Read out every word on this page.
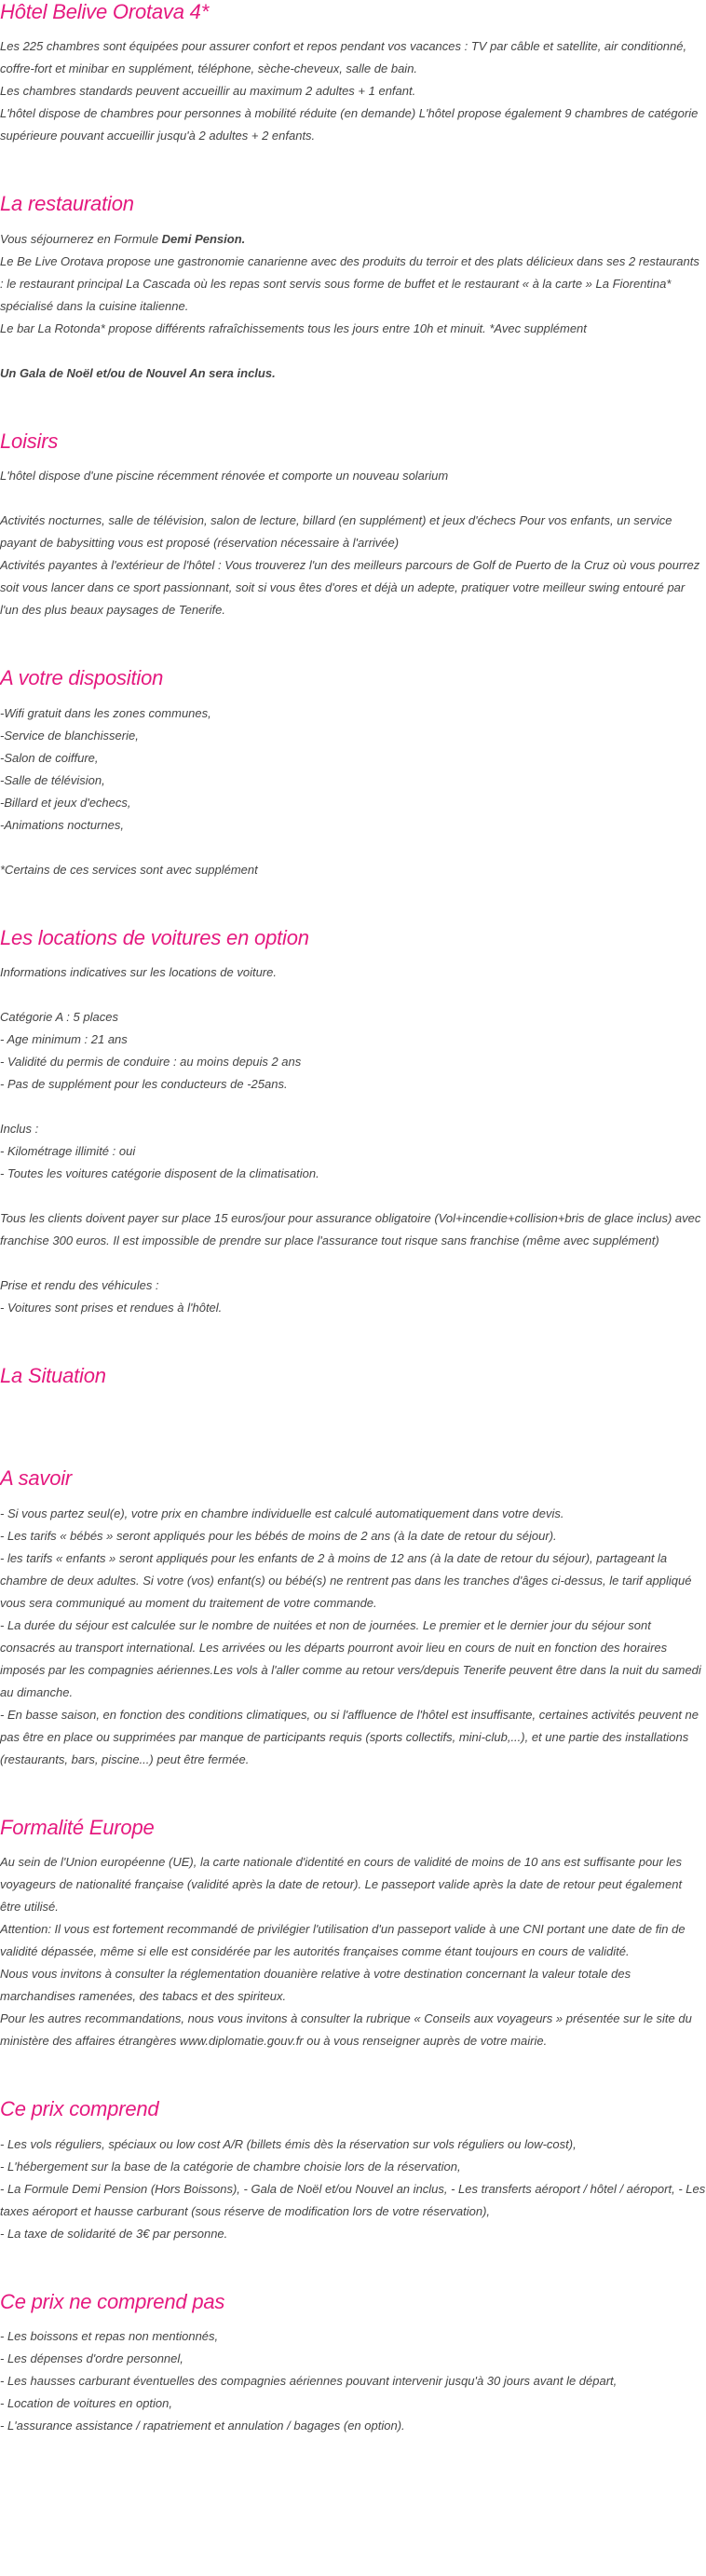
Hôtel Belive Orotava 4*

Les 225 chambres sont équipées pour assurer confort et repos pendant vos vacances : TV par câble et satellite, air conditionné, coffre-fort et minibar en supplément, téléphone, sèche-cheveux, salle de bain.

Les chambres standards peuvent accueillir au maximum 2 adultes + 1 enfant.

L'hôtel dispose de chambres pour personnes à mobilité réduite (en demande) L'hôtel propose également 9 chambres de catégorie supérieure pouvant accueillir jusqu'à 2 adultes + 2 enfants.

La restauration

Vous séjournerez en Formule Demi Pension.

Le Be Live Orotava propose une gastronomie canarienne avec des produits du terroir et des plats délicieux dans ses 2 restaurants : le restaurant principal La Cascada où les repas sont servis sous forme de buffet et le restaurant « à la carte » La Fiorentina* spécialisé dans la cuisine italienne.

Le bar La Rotonda* propose différents rafraîchissements tous les jours entre 10h et minuit. *Avec supplément

Un Gala de Noël et/ou de Nouvel An sera inclus.

Loisirs

L'hôtel dispose d'une piscine récemment rénovée et comporte un nouveau solarium

Activités nocturnes, salle de télévision, salon de lecture, billard (en supplément) et jeux d'échecs Pour vos enfants, un service payant de babysitting vous est proposé (réservation nécessaire à l'arrivée)

Activités payantes à l'extérieur de l'hôtel : Vous trouverez l'un des meilleurs parcours de Golf de Puerto de la Cruz où vous pourrez soit vous lancer dans ce sport passionnant, soit si vous êtes d'ores et déjà un adepte, pratiquer votre meilleur swing entouré par l'un des plus beaux paysages de Tenerife.

A votre disposition

-Wifi gratuit dans les zones communes,

-Service de blanchisserie,

-Salon de coiffure,

-Salle de télévision,

-Billard et jeux d'echecs,

-Animations nocturnes,

*Certains de ces services sont avec supplément

Les locations de voitures en option

Informations indicatives sur les locations de voiture.

Catégorie A : 5 places

- Age minimum : 21 ans

- Validité du permis de conduire : au moins depuis 2 ans

- Pas de supplément pour les conducteurs de -25ans.

Inclus :

- Kilométrage illimité : oui

- Toutes les voitures catégorie disposent de la climatisation.

Tous les clients doivent payer sur place 15 euros/jour pour assurance obligatoire (Vol+incendie+collision+bris de glace inclus) avec franchise 300 euros. Il est impossible de prendre sur place l'assurance tout risque sans franchise (même avec supplément)

Prise et rendu des véhicules :

- Voitures sont prises et rendues à l'hôtel.

La Situation
A savoir

- Si vous partez seul(e), votre prix en chambre individuelle est calculé automatiquement dans votre devis.

- Les tarifs « bébés » seront appliqués pour les bébés de moins de 2 ans (à la date de retour du séjour).

- les tarifs « enfants » seront appliqués pour les enfants de 2 à moins de 12 ans (à la date de retour du séjour), partageant la chambre de deux adultes. Si votre (vos) enfant(s) ou bébé(s) ne rentrent pas dans les tranches d'âges ci-dessus, le tarif appliqué vous sera communiqué au moment du traitement de votre commande.

- La durée du séjour est calculée sur le nombre de nuitées et non de journées. Le premier et le dernier jour du séjour sont consacrés au transport international. Les arrivées ou les départs pourront avoir lieu en cours de nuit en fonction des horaires imposés par les compagnies aériennes.Les vols à l'aller comme au retour vers/depuis Tenerife peuvent être dans la nuit du samedi au dimanche.

- En basse saison, en fonction des conditions climatiques, ou si l'affluence de l'hôtel est insuffisante, certaines activités peuvent ne pas être en place ou supprimées par manque de participants requis (sports collectifs, mini-club,...), et une partie des installations (restaurants, bars, piscine...) peut être fermée.

Formalité Europe

Au sein de l'Union européenne (UE), la carte nationale d'identité en cours de validité de moins de 10 ans est suffisante pour les voyageurs de nationalité française (validité après la date de retour). Le passeport valide après la date de retour peut également être utilisé.

Attention: Il vous est fortement recommandé de privilégier l'utilisation d'un passeport valide à une CNI portant une date de fin de validité dépassée, même si elle est considérée par les autorités françaises comme étant toujours en cours de validité.

Nous vous invitons à consulter la réglementation douanière relative à votre destination concernant la valeur totale des marchandises ramenées, des tabacs et des spiriteux.

Pour les autres recommandations, nous vous invitons à consulter la rubrique « Conseils aux voyageurs » présentée sur le site du ministère des affaires étrangères www.diplomatie.gouv.fr ou à vous renseigner auprès de votre mairie.

Ce prix comprend

- Les vols réguliers, spéciaux ou low cost A/R (billets émis dès la réservation sur vols réguliers ou low-cost),

- L'hébergement sur la base de la catégorie de chambre choisie lors de la réservation,

- La Formule Demi Pension (Hors Boissons), - Gala de Noël et/ou Nouvel an inclus, - Les transferts aéroport / hôtel / aéroport, - Les taxes aéroport et hausse carburant (sous réserve de modification lors de votre réservation),

- La taxe de solidarité de 3€ par personne.

Ce prix ne comprend pas

- Les boissons et repas non mentionnés,

- Les dépenses d'ordre personnel,

- Les hausses carburant éventuelles des compagnies aériennes pouvant intervenir jusqu'à 30 jours avant le départ,

- Location de voitures en option,

- L'assurance assistance / rapatriement et annulation / bagages (en option).
